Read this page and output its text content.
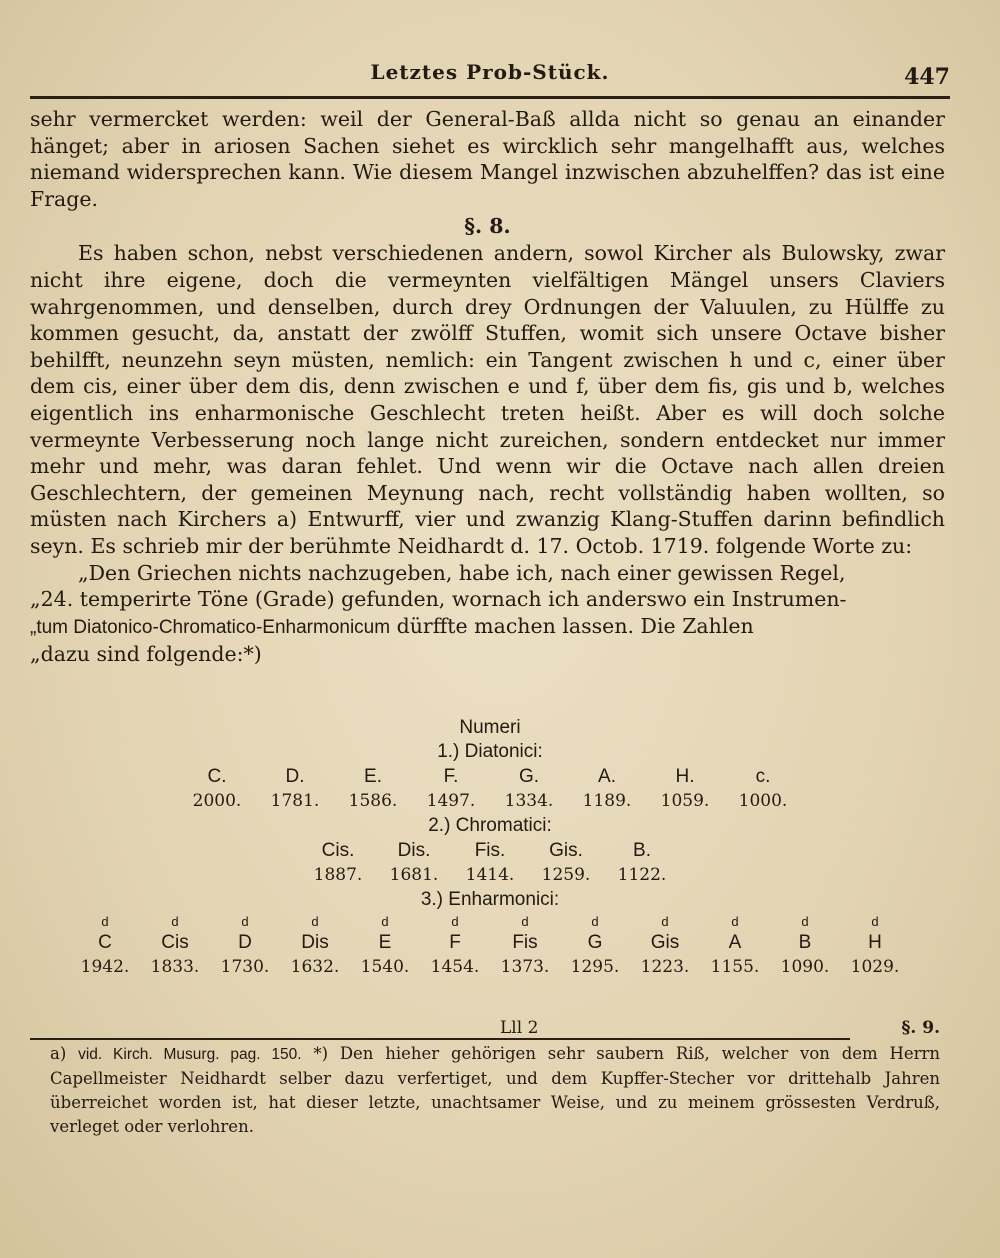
Letztes Prob-Stück.	447

sehr vermercket werden: weil der General-Baß allda nicht so genau an einander hänget; aber in ariosen Sachen siehet es wircklich sehr mangelhafft aus, welches niemand widersprechen kann. Wie diesem Mangel inzwischen abzuhelffen? das ist eine Frage.

§. 8.

Es haben schon, nebst verschiedenen andern, sowol Kircher als Bulowsky, zwar nicht ihre eigene, doch die vermeynten vielfältigen Mängel unsers Claviers wahrgenommen, und denselben, durch drey Ordnungen der Valuulen, zu Hülffe zu kommen gesucht, da, anstatt der zwölff Stuffen, womit sich unsere Octave bisher behilfft, neunzehn seyn müsten, nemlich: ein Tangent zwischen h und c, einer über dem cis, einer über dem dis, denn zwischen e und f, über dem fis, gis und b, welches eigentlich ins enharmonische Geschlecht treten heißt. Aber es will doch solche vermeynte Verbesserung noch lange nicht zureichen, sondern entdecket nur immer mehr und mehr, was daran fehlet. Und wenn wir die Octave nach allen dreien Geschlechtern, der gemeinen Meynung nach, recht vollständig haben wollten, so müsten nach Kirchers a) Entwurff, vier und zwanzig Klang-Stuffen darinn befindlich seyn. Es schrieb mir der berühmte Neidhardt d. 17. Octob. 1719. folgende Worte zu:

„Den Griechen nichts nachzugeben, habe ich, nach einer gewissen Regel,

„24. temperirte Töne (Grade) gefunden, wornach ich anderswo ein Instrumen-

„tum Diatonico-Chromatico-Enharmonicum dürffte machen lassen. Die Zahlen

„dazu sind folgende:*)

Numeri
1.) Diatonici:
C.	D.	E.	F.	G.	A.	H.	c.
2000.	1781.	1586.	1497.	1334.	1189.	1059.	1000.
2.) Chromatici:
Cis.	Dis.	Fis.	Gis.	B.
1887.	1681.	1414.	1259.	1122.
3.) Enharmonici:
d	d	d	d	d	d	d	d	d	d	d	d
C	Cis	D	Dis	E	F	Fis	G	Gis	A	B	H
1942.	1833.	1730.	1632.	1540.	1454.	1373.	1295.	1223.	1155.	1090.	1029.
Lll 2	§. 9.
a) vid. Kirch. Musurg. pag. 150. *) Den hieher gehörigen sehr saubern Riß, welcher von dem Herrn Capellmeister Neidhardt selber dazu verfertiget, und dem Kupffer-Stecher vor drittehalb Jahren überreichet worden ist, hat dieser letzte, unachtsamer Weise, und zu meinem grössesten Verdruß, verleget oder verlohren.
